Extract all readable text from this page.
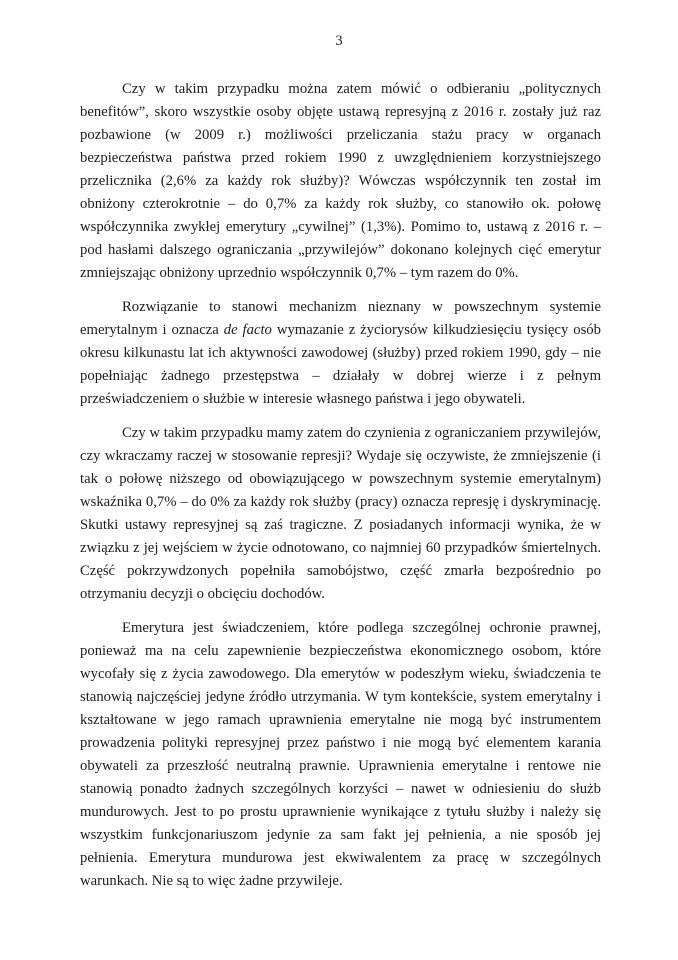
3

Czy w takim przypadku można zatem mówić o odbieraniu „politycznych benefitów”, skoro wszystkie osoby objęte ustawą represyjną z 2016 r. zostały już raz pozbawione (w 2009 r.) możliwości przeliczania stażu pracy w organach bezpieczeństwa państwa przed rokiem 1990 z uwzględnieniem korzystniejszego przelicznika (2,6% za każdy rok służby)? Wówczas współczynnik ten został im obniżony czterokrotnie – do 0,7% za każdy rok służby, co stanowiło ok. połowę współczynnika zwykłej emerytury „cywilnej” (1,3%). Pomimo to, ustawą z 2016 r. – pod hasłami dalszego ograniczania „przywilejów” dokonano kolejnych cięć emerytur zmniejszając obniżony uprzednio współczynnik 0,7% – tym razem do 0%.

Rozwiązanie to stanowi mechanizm nieznany w powszechnym systemie emerytalnym i oznacza de facto wymazanie z życiorysów kilkudziesięciu tysięcy osób okresu kilkunastu lat ich aktywności zawodowej (służby) przed rokiem 1990, gdy – nie popełniając żadnego przestępstwa – działały w dobrej wierze i z pełnym przeświadczeniem o służbie w interesie własnego państwa i jego obywateli.

Czy w takim przypadku mamy zatem do czynienia z ograniczaniem przywilejów, czy wkraczamy raczej w stosowanie represji? Wydaje się oczywiste, że zmniejszenie (i tak o połowę niższego od obowiązującego w powszechnym systemie emerytalnym) wskaźnika 0,7% – do 0% za każdy rok służby (pracy) oznacza represję i dyskryminację. Skutki ustawy represyjnej są zaś tragiczne. Z posiadanych informacji wynika, że w związku z jej wejściem w życie odnotowano, co najmniej 60 przypadków śmiertelnych. Część pokrzywdzonych popełniła samobójstwo, część zmarła bezpośrednio po otrzymaniu decyzji o obcięciu dochodów.

Emerytura jest świadczeniem, które podlega szczególnej ochronie prawnej, ponieważ ma na celu zapewnienie bezpieczeństwa ekonomicznego osobom, które wycofały się z życia zawodowego. Dla emerytów w podeszłym wieku, świadczenia te stanowią najczęściej jedyne źródło utrzymania. W tym kontekście, system emerytalny i kształtowane w jego ramach uprawnienia emerytalne nie mogą być instrumentem prowadzenia polityki represyjnej przez państwo i nie mogą być elementem karania obywateli za przeszłość neutralną prawnie. Uprawnienia emerytalne i rentowe nie stanowią ponadto żadnych szczególnych korzyści – nawet w odniesieniu do służb mundurowych. Jest to po prostu uprawnienie wynikające z tytułu służby i należy się wszystkim funkcjonariuszom jedynie za sam fakt jej pełnienia, a nie sposób jej pełnienia. Emerytura mundurowa jest ekwiwalentem za pracę w szczególnych warunkach. Nie są to więc żadne przywileje.
